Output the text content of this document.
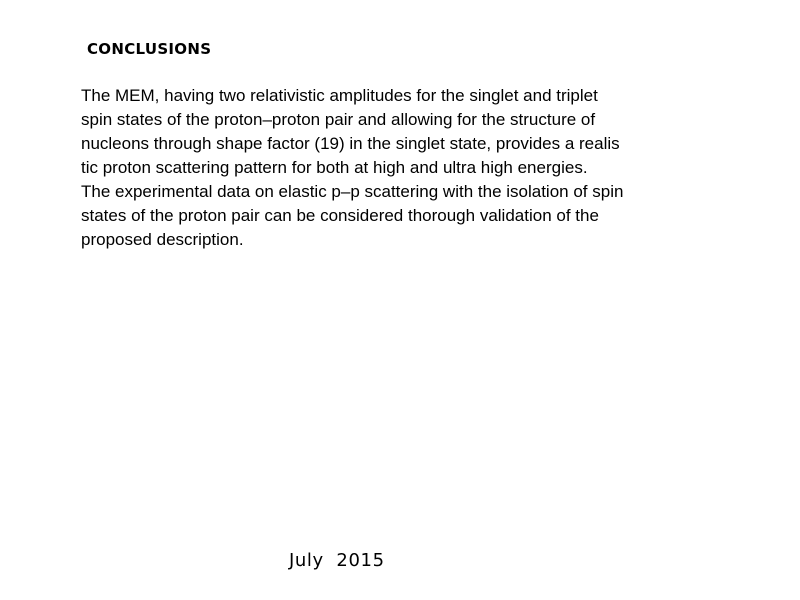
CONCLUSIONS

The MEM, having two relativistic amplitudes for the singlet and triplet
spin states of the proton–proton pair and allowing for the structure of
nucleons through shape factor (19) in the singlet state, provides a realis
tic proton scattering pattern for both at high and ultra high energies.
The experimental data on elastic p–p scattering with the isolation of spin
states of the proton pair can be considered thorough validation of the
proposed description.

July  2015
